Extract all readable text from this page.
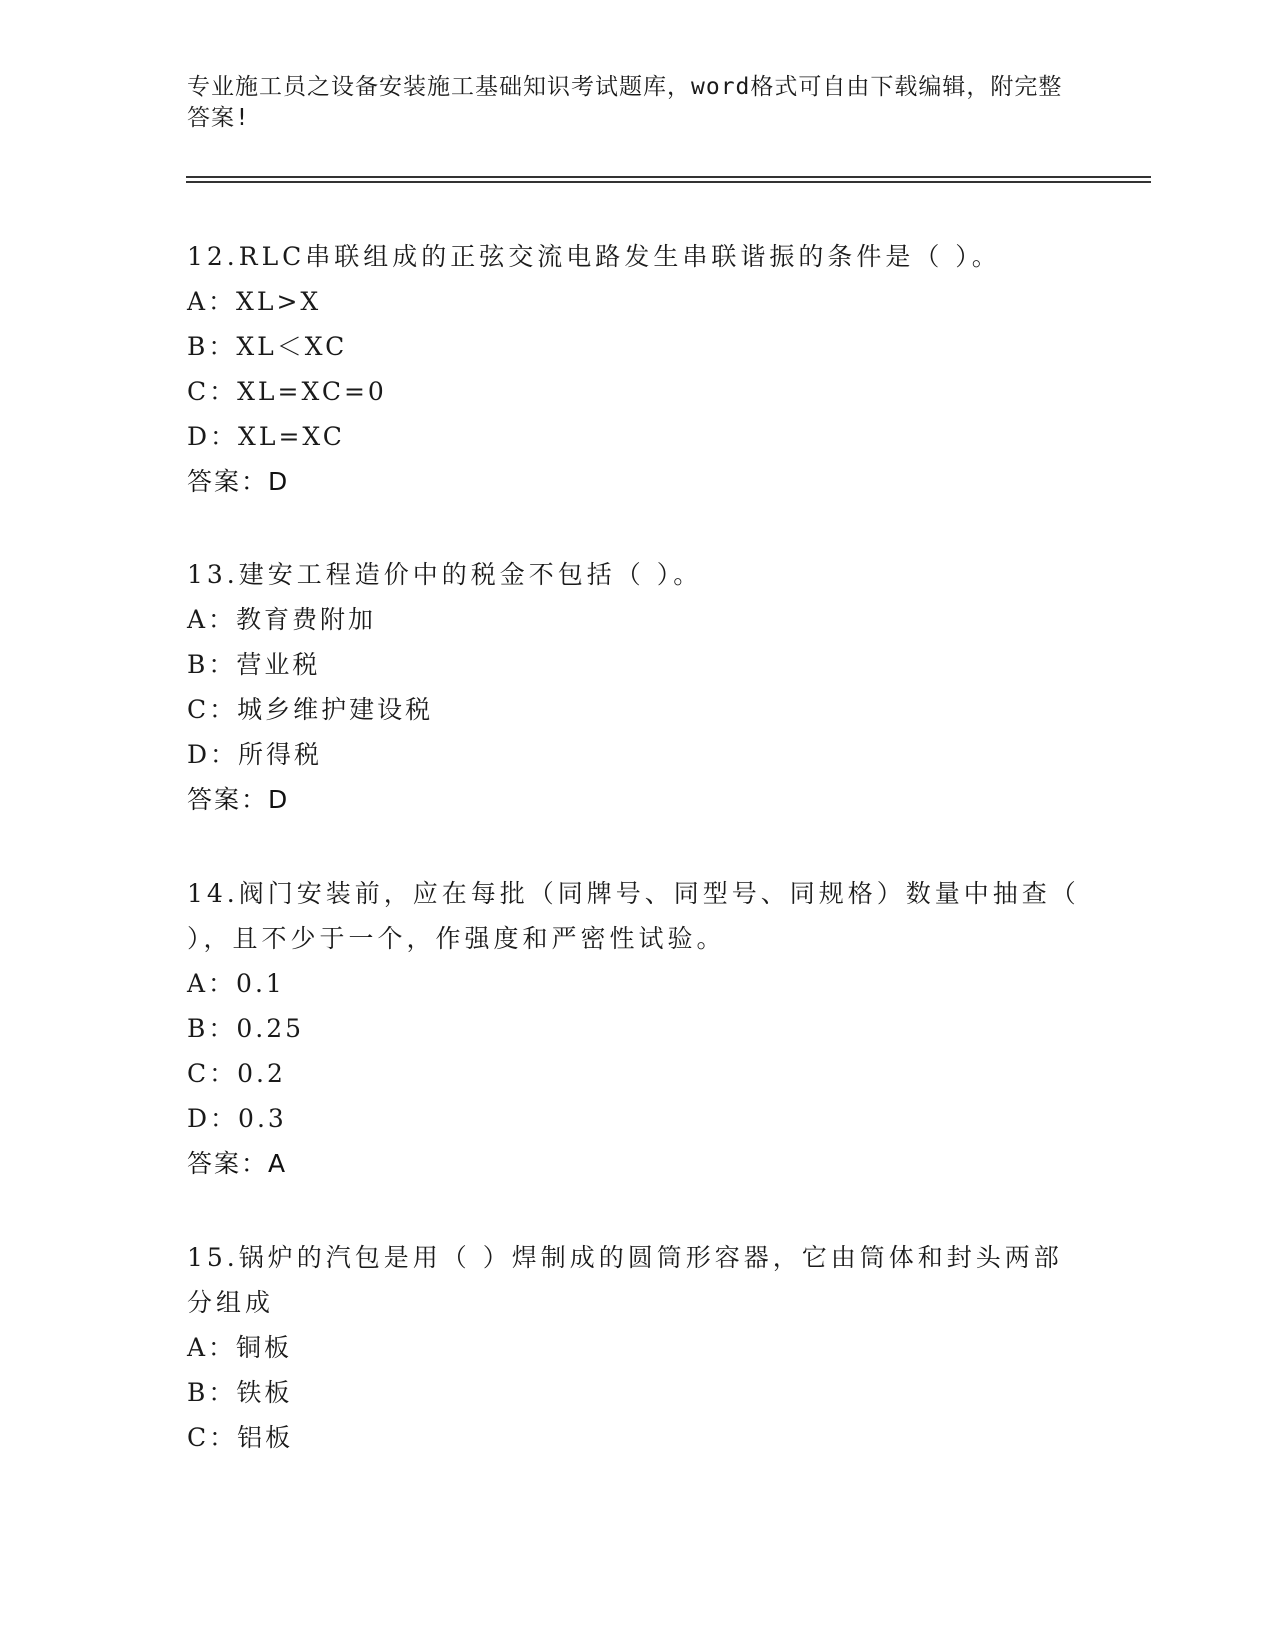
专业施工员之设备安装施工基础知识考试题库，word格式可自由下载编辑，附完整答案!

12.RLC串联组成的正弦交流电路发生串联谐振的条件是（ ）。

A：XL>X

B：XL＜XC

C：XL=XC=0

D：XL=XC

答案：D

13.建安工程造价中的税金不包括（ ）。

A：教育费附加

B：营业税

C：城乡维护建设税

D：所得税

答案：D

14.阀门安装前，应在每批（同牌号、同型号、同规格）数量中抽查（ ），且不少于一个，作强度和严密性试验。

A：0.1

B：0.25

C：0.2

D：0.3

答案：A

15.锅炉的汽包是用（ ）焊制成的圆筒形容器，它由筒体和封头两部分组成

A：铜板

B：铁板

C：铝板
